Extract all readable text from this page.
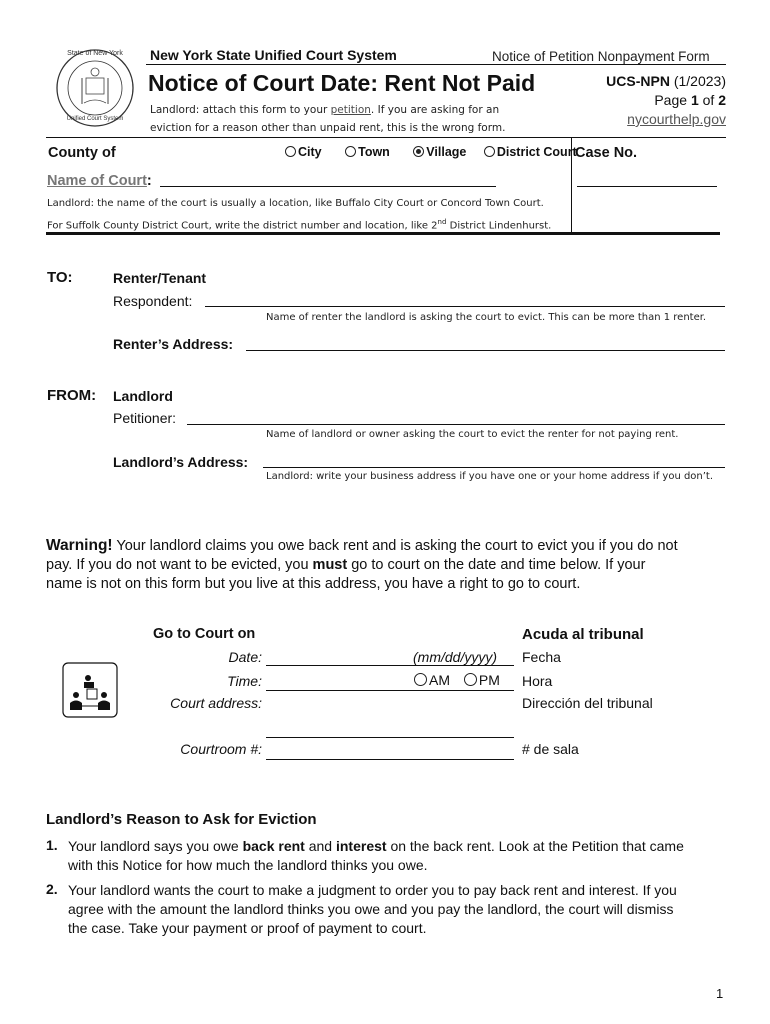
State of New York
Unified Court System
New York State Unified Court System	Notice of Petition Nonpayment Form
Notice of Court Date: Rent Not Paid
Landlord: attach this form to your petition. If you are asking for an
eviction for a reason other than unpaid rent, this is the wrong form.
UCS-NPN (1/2023)
Page 1 of 2
nycourthelp.gov
County of	City	Town	Village District Court
Case No.
Name of Court:
Landlord: the name of the court is usually a location, like Buffalo City Court or Concord Town Court.
For Suffolk County District Court, write the district number and location, like 2nd District Lindenhurst.
TO:	Renter/Tenant
Respondent:
Name of renter the landlord is asking the court to evict. This can be more than 1 renter.
Renter’s Address:
FROM: Landlord
Petitioner:
Name of landlord or owner asking the court to evict the renter for not paying rent.
Landlord’s Address:
Landlord: write your business address if you have one or your home address if you don’t.
Warning! Your landlord claims you owe back rent and is asking the court to evict you if you do not
pay. If you do not want to be evicted, you must go to court on the date and time below. If your
name is not on this form but you live at this address, you have a right to go to court.
Go to Court on	Acuda al tribunal
Date:	(mm/dd/yyyy) Fecha
Time:	AM PM Hora
Court address:	Dirección del tribunal
Courtroom #:	# de sala
Landlord’s Reason to Ask for Eviction
1. Your landlord says you owe back rent and interest on the back rent. Look at the Petition that came
with this Notice for how much the landlord thinks you owe.
2. Your landlord wants the court to make a judgment to order you to pay back rent and interest. If you
agree with the amount the landlord thinks you owe and you pay the landlord, the court will dismiss
the case. Take your payment or proof of payment to court.
1
